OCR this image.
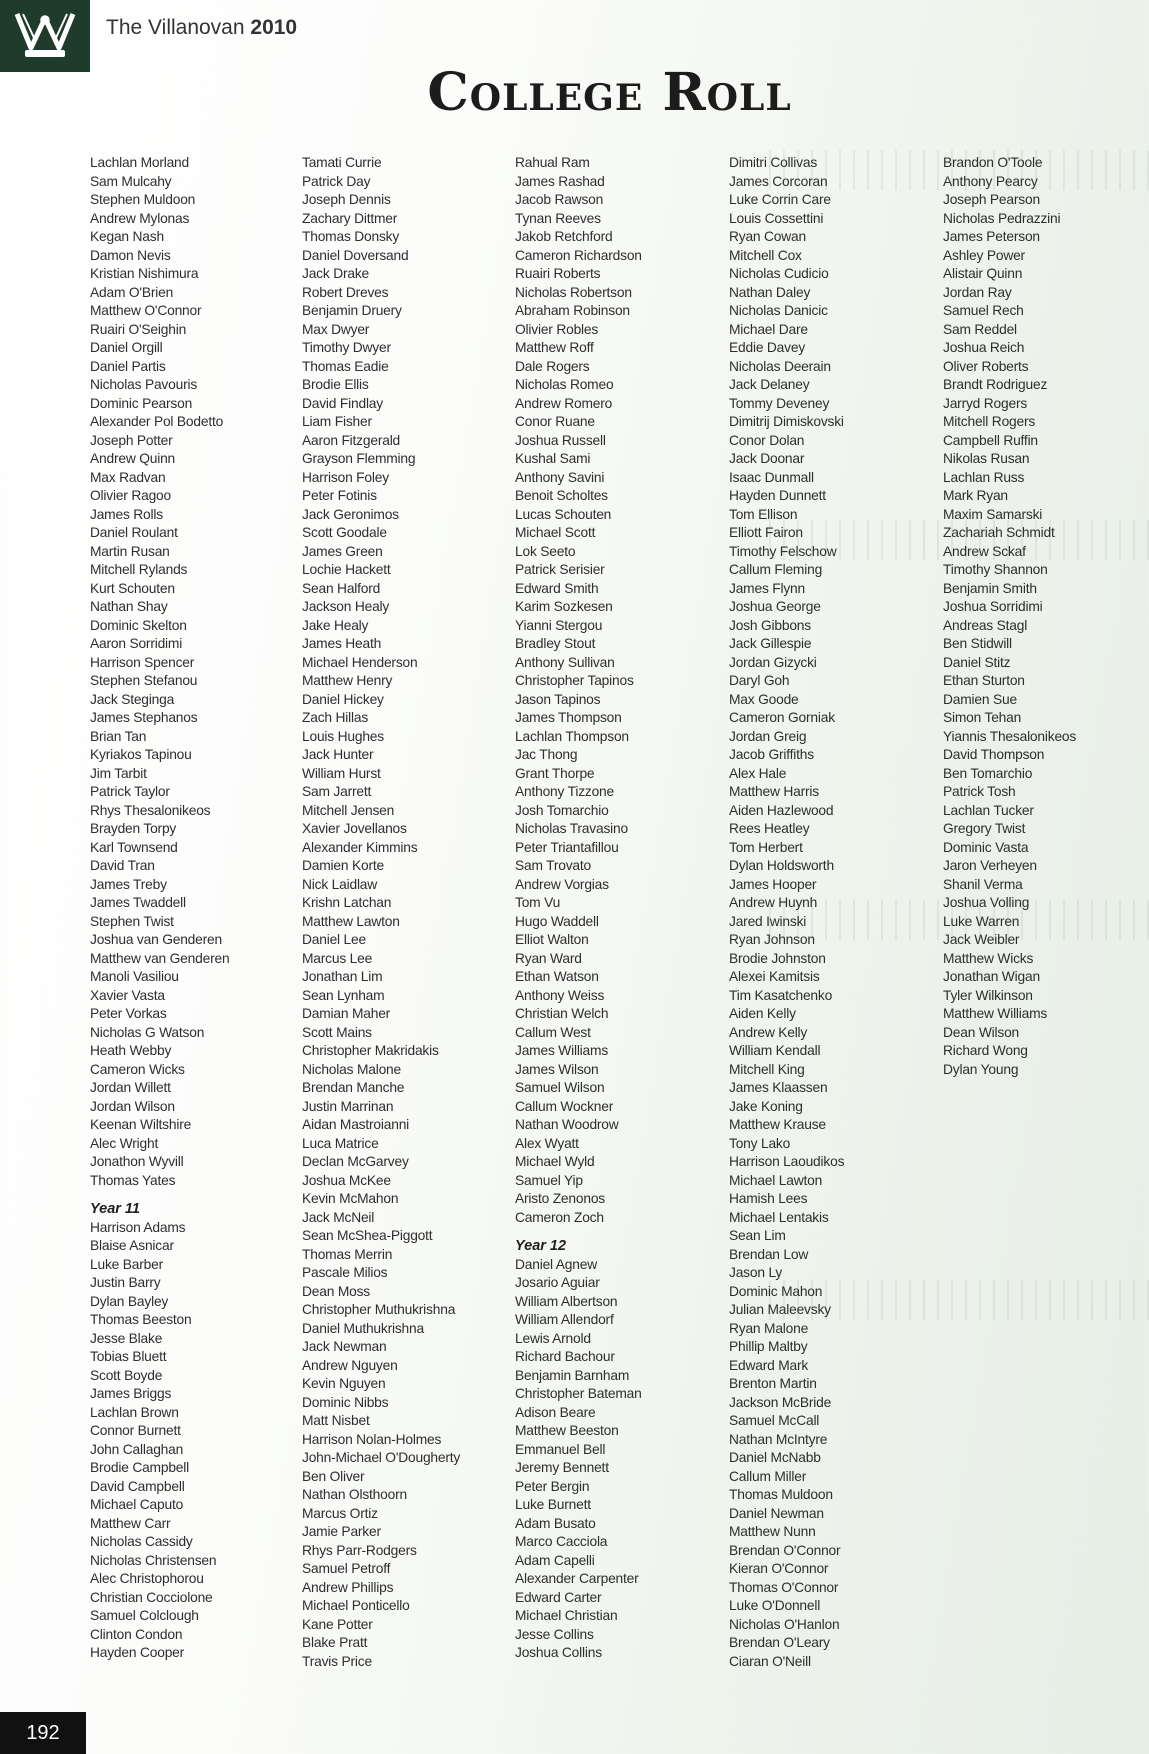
The Villanovan 2010
College Roll
Lachlan Morland
Sam Mulcahy
Stephen Muldoon
Andrew Mylonas
Kegan Nash
Damon Nevis
Kristian Nishimura
Adam O'Brien
Matthew O'Connor
Ruairi O'Seighin
Daniel Orgill
Daniel Partis
Nicholas Pavouris
Dominic Pearson
Alexander Pol Bodetto
Joseph Potter
Andrew Quinn
Max Radvan
Olivier Ragoo
James Rolls
Daniel Roulant
Martin Rusan
Mitchell Rylands
Kurt Schouten
Nathan Shay
Dominic Skelton
Aaron Sorridimi
Harrison Spencer
Stephen Stefanou
Jack Steginga
James Stephanos
Brian Tan
Kyriakos Tapinou
Jim Tarbit
Patrick Taylor
Rhys Thesalonikeos
Brayden Torpy
Karl Townsend
David Tran
James Treby
James Twaddell
Stephen Twist
Joshua van Genderen
Matthew van Genderen
Manoli Vasiliou
Xavier Vasta
Peter Vorkas
Nicholas G Watson
Heath Webby
Cameron Wicks
Jordan Willett
Jordan Wilson
Keenan Wiltshire
Alec Wright
Jonathon Wyvill
Thomas Yates
Year 11
Harrison Adams
Blaise Asnicar
Luke Barber
Justin Barry
Dylan Bayley
Thomas Beeston
Jesse Blake
Tobias Bluett
Scott Boyde
James Briggs
Lachlan Brown
Connor Burnett
John Callaghan
Brodie Campbell
David Campbell
Michael Caputo
Matthew Carr
Nicholas Cassidy
Nicholas Christensen
Alec Christophorou
Christian Cocciolone
Samuel Colclough
Clinton Condon
Hayden Cooper
Tamati Currie
Patrick Day
Joseph Dennis
Zachary Dittmer
Thomas Donsky
Daniel Doversand
Jack Drake
Robert Dreves
Benjamin Druery
Max Dwyer
Timothy Dwyer
Thomas Eadie
Brodie Ellis
David Findlay
Liam Fisher
Aaron Fitzgerald
Grayson Flemming
Harrison Foley
Peter Fotinis
Jack Geronimos
Scott Goodale
James Green
Lochie Hackett
Sean Halford
Jackson Healy
Jake Healy
James Heath
Michael Henderson
Matthew Henry
Daniel Hickey
Zach Hillas
Louis Hughes
Jack Hunter
William Hurst
Sam Jarrett
Mitchell Jensen
Xavier Jovellanos
Alexander Kimmins
Damien Korte
Nick Laidlaw
Krishn Latchan
Matthew Lawton
Daniel Lee
Marcus Lee
Jonathan Lim
Sean Lynham
Damian Maher
Scott Mains
Christopher Makridakis
Nicholas Malone
Brendan Manche
Justin Marrinan
Aidan Mastroianni
Luca Matrice
Declan McGarvey
Joshua McKee
Kevin McMahon
Jack McNeil
Sean McShea-Piggott
Thomas Merrin
Pascale Milios
Dean Moss
Christopher Muthukrishna
Daniel Muthukrishna
Jack Newman
Andrew Nguyen
Kevin Nguyen
Dominic Nibbs
Matt Nisbet
Harrison Nolan-Holmes
John-Michael O'Dougherty
Ben Oliver
Nathan Olsthoorn
Marcus Ortiz
Jamie Parker
Rhys Parr-Rodgers
Samuel Petroff
Andrew Phillips
Michael Ponticello
Kane Potter
Blake Pratt
Travis Price
Rahual Ram
James Rashad
Jacob Rawson
Tynan Reeves
Jakob Retchford
Cameron Richardson
Ruairi Roberts
Nicholas Robertson
Abraham Robinson
Olivier Robles
Matthew Roff
Dale Rogers
Nicholas Romeo
Andrew Romero
Conor Ruane
Joshua Russell
Kushal Sami
Anthony Savini
Benoit Scholtes
Lucas Schouten
Michael Scott
Lok Seeto
Patrick Serisier
Edward Smith
Karim Sozkesen
Yianni Stergou
Bradley Stout
Anthony Sullivan
Christopher Tapinos
Jason Tapinos
James Thompson
Lachlan Thompson
Jac Thong
Grant Thorpe
Anthony Tizzone
Josh Tomarchio
Nicholas Travasino
Peter Triantafillou
Sam Trovato
Andrew Vorgias
Tom Vu
Hugo Waddell
Elliot Walton
Ryan Ward
Ethan Watson
Anthony Weiss
Christian Welch
Callum West
James Williams
James Wilson
Samuel Wilson
Callum Wockner
Nathan Woodrow
Alex Wyatt
Michael Wyld
Samuel Yip
Aristo Zenonos
Cameron Zoch
Year 12
Daniel Agnew
Josario Aguiar
William Albertson
William Allendorf
Lewis Arnold
Richard Bachour
Benjamin Barnham
Christopher Bateman
Adison Beare
Matthew Beeston
Emmanuel Bell
Jeremy Bennett
Peter Bergin
Luke Burnett
Adam Busato
Marco Cacciola
Adam Capelli
Alexander Carpenter
Edward Carter
Michael Christian
Jesse Collins
Joshua Collins
Dimitri Collivas
James Corcoran
Luke Corrin Care
Louis Cossettini
Ryan Cowan
Mitchell Cox
Nicholas Cudicio
Nathan Daley
Nicholas Danicic
Michael Dare
Eddie Davey
Nicholas Deerain
Jack Delaney
Tommy Deveney
Dimitrij Dimiskovski
Conor Dolan
Jack Doonar
Isaac Dunmall
Hayden Dunnett
Tom Ellison
Elliott Fairon
Timothy Felschow
Callum Fleming
James Flynn
Joshua George
Josh Gibbons
Jack Gillespie
Jordan Gizycki
Daryl Goh
Max Goode
Cameron Gorniak
Jordan Greig
Jacob Griffiths
Alex Hale
Matthew Harris
Aiden Hazlewood
Rees Heatley
Tom Herbert
Dylan Holdsworth
James Hooper
Andrew Huynh
Jared Iwinski
Ryan Johnson
Brodie Johnston
Alexei Kamitsis
Tim Kasatchenko
Aiden Kelly
Andrew Kelly
William Kendall
Mitchell King
James Klaassen
Jake Koning
Matthew Krause
Tony Lako
Harrison Laoudikos
Michael Lawton
Hamish Lees
Michael Lentakis
Sean Lim
Brendan Low
Jason Ly
Dominic Mahon
Julian Maleevsky
Ryan Malone
Phillip Maltby
Edward Mark
Brenton Martin
Jackson McBride
Samuel McCall
Nathan McIntyre
Daniel McNabb
Callum Miller
Thomas Muldoon
Daniel Newman
Matthew Nunn
Brendan O'Connor
Kieran O'Connor
Thomas O'Connor
Luke O'Donnell
Nicholas O'Hanlon
Brendan O'Leary
Ciaran O'Neill
Brandon O'Toole
Anthony Pearcy
Joseph Pearson
Nicholas Pedrazzini
James Peterson
Ashley Power
Alistair Quinn
Jordan Ray
Samuel Rech
Sam Reddel
Joshua Reich
Oliver Roberts
Brandt Rodriguez
Jarryd Rogers
Mitchell Rogers
Campbell Ruffin
Nikolas Rusan
Lachlan Russ
Mark Ryan
Maxim Samarski
Zachariah Schmidt
Andrew Sckaf
Timothy Shannon
Benjamin Smith
Joshua Sorridimi
Andreas Stagl
Ben Stidwill
Daniel Stitz
Ethan Sturton
Damien Sue
Simon Tehan
Yiannis Thesalonikeos
David Thompson
Ben Tomarchio
Patrick Tosh
Lachlan Tucker
Gregory Twist
Dominic Vasta
Jaron Verheyen
Shanil Verma
Joshua Volling
Luke Warren
Jack Weibler
Matthew Wicks
Jonathan Wigan
Tyler Wilkinson
Matthew Williams
Dean Wilson
Richard Wong
Dylan Young
192
